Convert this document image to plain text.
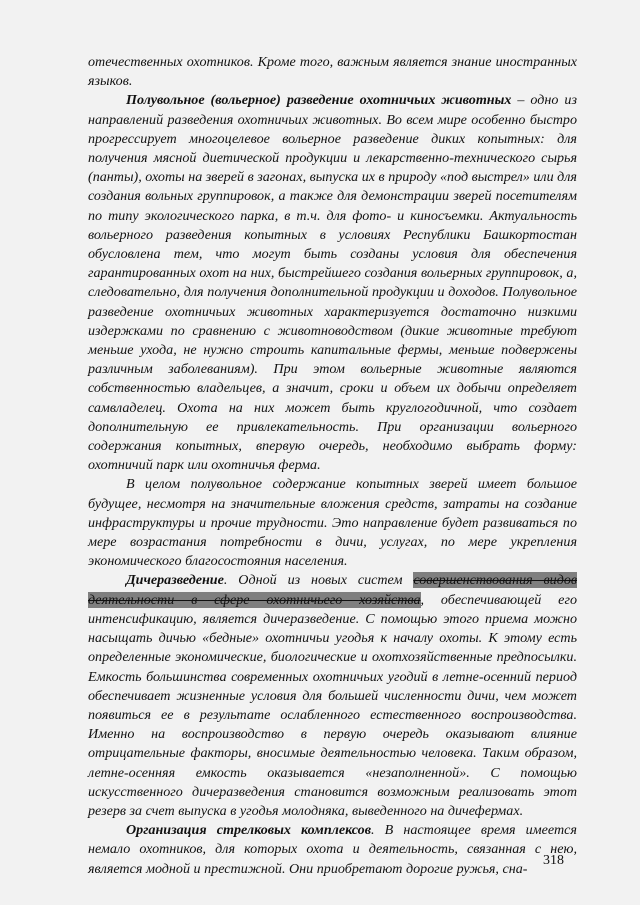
отечественных охотников. Кроме того, важным является знание иностранных языков.

Полувольное (вольерное) разведение охотничьих животных – одно из направлений разведения охотничьих животных. Во всем мире особенно быстро прогрессирует многоцелевое вольерное разведение диких копытных: для получения мясной диетической продукции и лекарственно-технического сырья (панты), охоты на зверей в загонах, выпуска их в природу «под выстрел» или для создания вольных группировок, а также для демонстрации зверей посетителям по типу экологического парка, в т.ч. для фото- и киносъемки. Актуальность вольерного разведения копытных в условиях Республики Башкортостан обусловлена тем, что могут быть созданы условия для обеспечения гарантированных охот на них, быстрейшего создания вольерных группировок, а, следовательно, для получения дополнительной продукции и доходов. Полувольное разведение охотничьих животных характеризуется достаточно низкими издержками по сравнению с животноводством (дикие животные требуют меньше ухода, не нужно строить капитальные фермы, меньше подвержены различным заболеваниям). При этом вольерные животные являются собственностью владельцев, а значит, сроки и объем их добычи определяет самвладелец. Охота на них может быть круглогодичной, что создает дополнительную ее привлекательность. При организации вольерного содержания копытных, впервую очередь, необходимо выбрать форму: охотничий парк или охотничья ферма.

В целом полувольное содержание копытных зверей имеет большое будущее, несмотря на значительные вложения средств, затраты на создание инфраструктуры и прочие трудности. Это направление будет развиваться по мере возрастания потребности в дичи, услугах, по мере укрепления экономического благосостояния населения.

Дичеразведение. Одной из новых систем совершенствования видов деятельности в сфере охотничьего хозяйства, обеспечивающей его интенсификацию, является дичеразведение. С помощью этого приема можно насыщать дичью «бедные» охотничьи угодья к началу охоты. К этому есть определенные экономические, биологические и охотхозяйственные предпосылки. Емкость большинства современных охотничьих угодий в летне-осенний период обеспечивает жизненные условия для большей численности дичи, чем может появиться ее в результате ослабленного естественного воспроизводства. Именно на воспроизводство в первую очередь оказывают влияние отрицательные факторы, вносимые деятельностью человека. Таким образом, летне-осенняя емкость оказывается «незаполненной». С помощью искусственного дичеразведения становится возможным реализовать этот резерв за счет выпуска в угодья молодняка, выведенного на дичефермах.

Организация стрелковых комплексов. В настоящее время имеется немало охотников, для которых охота и деятельность, связанная с нею, является модной и престижной. Они приобретают дорогие ружья, сна-

318
